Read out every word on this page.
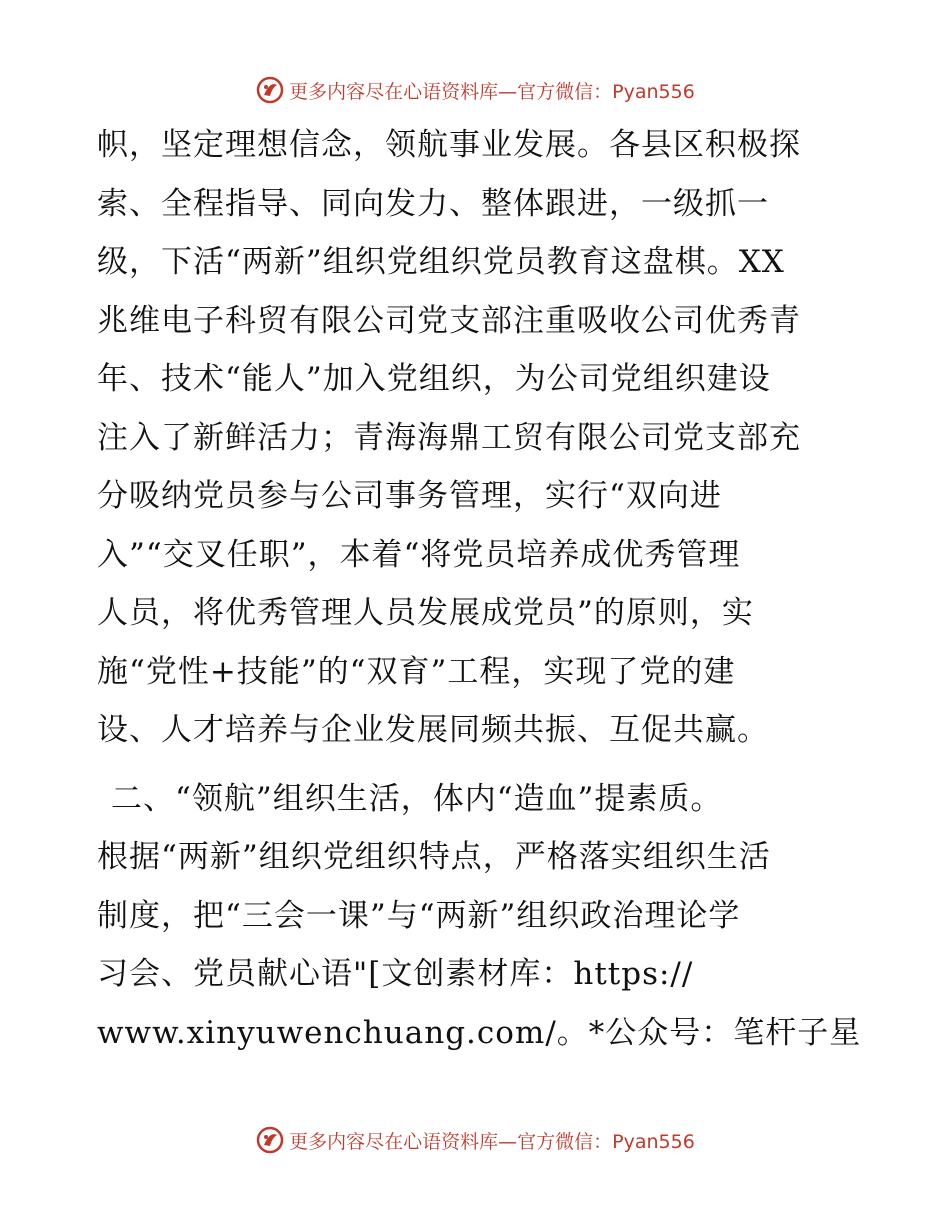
更多内容尽在心语资料库—官方微信：Pyan556
帜，坚定理想信念，领航事业发展。各县区积极探
索、全程指导、同向发力、整体跟进，一级抓一
级，下活“两新”组织党组织党员教育这盘棋。XX
兆维电子科贸有限公司党支部注重吸收公司优秀青
年、技术“能人”加入党组织，为公司党组织建设
注入了新鲜活力；青海海鼎工贸有限公司党支部充
分吸纳党员参与公司事务管理，实行“双向进
入”“交叉任职”，本着“将党员培养成优秀管理
人员，将优秀管理人员发展成党员”的原则，实
施“党性+技能”的“双育”工程，实现了党的建
设、人才培养与企业发展同频共振、互促共赢。
二、“领航”组织生活，体内“造血”提素质。
根据“两新”组织党组织特点，严格落实组织生活
制度，把“三会一课”与“两新”组织政治理论学
习会、党员献心语"[文创素材库：https://
www.xinyuwenchuang.com/。*公众号：笔杆子星
更多内容尽在心语资料库—官方微信：Pyan556
